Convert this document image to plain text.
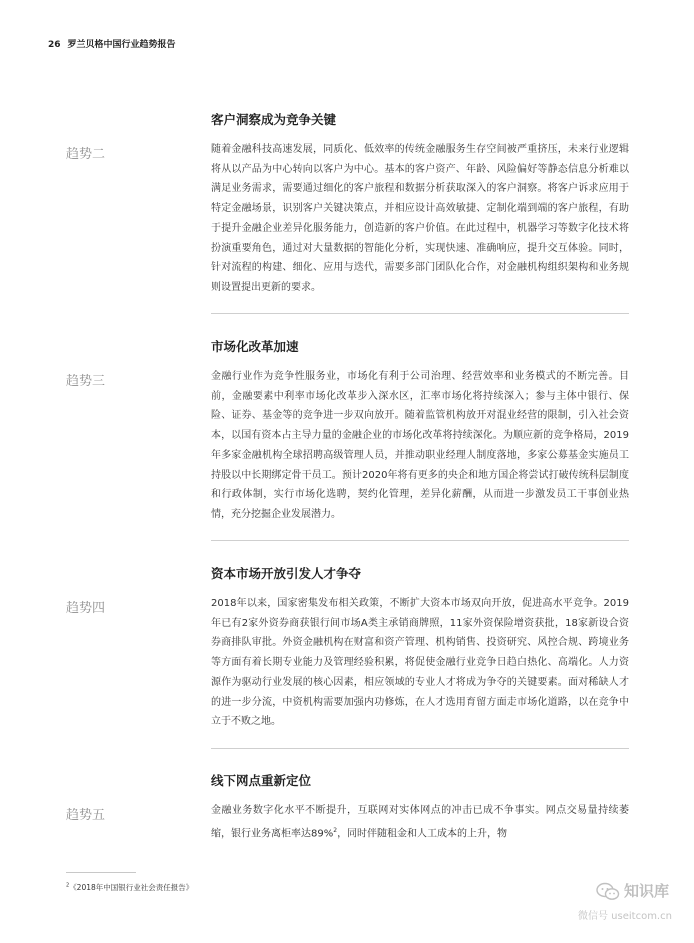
26 罗兰贝格中国行业趋势报告
客户洞察成为竞争关键
趋势二	随着金融科技高速发展，同质化、低效率的传统金融服务生存空间被严重挤压，未来行业逻辑将从以产品为中心转向以客户为中心。基本的客户资产、年龄、风险偏好等静态信息分析难以满足业务需求，需要通过细化的客户旅程和数据分析获取深入的客户洞察。将客户诉求应用于特定金融场景，识别客户关键决策点，并相应设计高效敏捷、定制化端到端的客户旅程，有助于提升金融企业差异化服务能力，创造新的客户价值。在此过程中，机器学习等数字化技术将扮演重要角色，通过对大量数据的智能化分析，实现快速、准确响应，提升交互体验。同时，针对流程的构建、细化、应用与迭代，需要多部门团队化合作，对金融机构组织架构和业务规则设置提出更新的要求。

市场化改革加速
趋势三	金融行业作为竞争性服务业，市场化有利于公司治理、经营效率和业务模式的不断完善。目前，金融要素中利率市场化改革步入深水区，汇率市场化将持续深入；参与主体中银行、保险、证券、基金等的竞争进一步双向放开。随着监管机构放开对混业经营的限制，引入社会资本，以国有资本占主导力量的金融企业的市场化改革将持续深化。为顺应新的竞争格局，2019年多家金融机构全球招聘高级管理人员，并推动职业经理人制度落地，多家公募基金实施员工持股以中长期绑定骨干员工。预计2020年将有更多的央企和地方国企将尝试打破传统科层制度和行政体制，实行市场化选聘，契约化管理，差异化薪酬，从而进一步激发员工干事创业热情，充分挖掘企业发展潜力。

资本市场开放引发人才争夺
趋势四	2018年以来，国家密集发布相关政策，不断扩大资本市场双向开放，促进高水平竞争。2019年已有2家外资券商获银行间市场A类主承销商牌照，11家外资保险增资获批，18家新设合资券商排队审批。外资金融机构在财富和资产管理、机构销售、投资研究、风控合规、跨境业务等方面有着长期专业能力及管理经验积累，将促使金融行业竞争日趋白热化、高端化。人力资源作为驱动行业发展的核心因素，相应领域的专业人才将成为争夺的关键要素。面对稀缺人才的进一步分流，中资机构需要加强内功修炼，在人才选用育留方面走市场化道路，以在竞争中立于不败之地。

线下网点重新定位
趋势五	金融业务数字化水平不断提升，互联网对实体网点的冲击已成不争事实。网点交易量持续萎缩，银行业务离柜率达89%$^2$，同时伴随租金和人工成本的上升，物

$^2$《2018年中国银行业社会责任报告》	知识库
微信号 useitcom.cn
